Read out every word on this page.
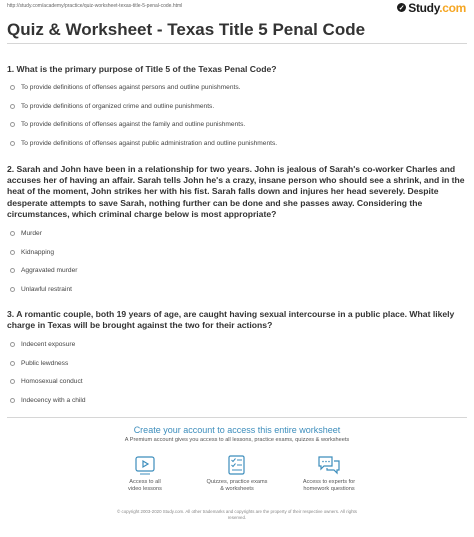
http://study.com/academy/practice/quiz-worksheet-texas-title-5-penal-code.html	✓ Study.com
Quiz & Worksheet - Texas Title 5 Penal Code
1. What is the primary purpose of Title 5 of the Texas Penal Code?
To provide definitions of offenses against persons and outline punishments.
To provide definitions of organized crime and outline punishments.
To provide definitions of offenses against the family and outline punishments.
To provide definitions of offenses against public administration and outline punishments.
2. Sarah and John have been in a relationship for two years. John is jealous of Sarah's co-worker Charles and accuses her of having an affair. Sarah tells John he's a crazy, insane person who should see a shrink, and in the heat of the moment, John strikes her with his fist. Sarah falls down and injures her head severely. Despite desperate attempts to save Sarah, nothing further can be done and she passes away. Considering the circumstances, which criminal charge below is most appropriate?
Murder
Kidnapping
Aggravated murder
Unlawful restraint
3. A romantic couple, both 19 years of age, are caught having sexual intercourse in a public place. What likely charge in Texas will be brought against the two for their actions?
Indecent exposure
Public lewdness
Homosexual conduct
Indecency with a child
Create your account to access this entire worksheet
A Premium account gives you access to all lessons, practice exams, quizzes & worksheets
Access to all
video lessons
Quizzes, practice exams
& worksheets
Access to experts for
homework questions
© copyright 2003-2020 Study.com. All other trademarks and copyrights are the property of their respective owners. All rights
reserved.
